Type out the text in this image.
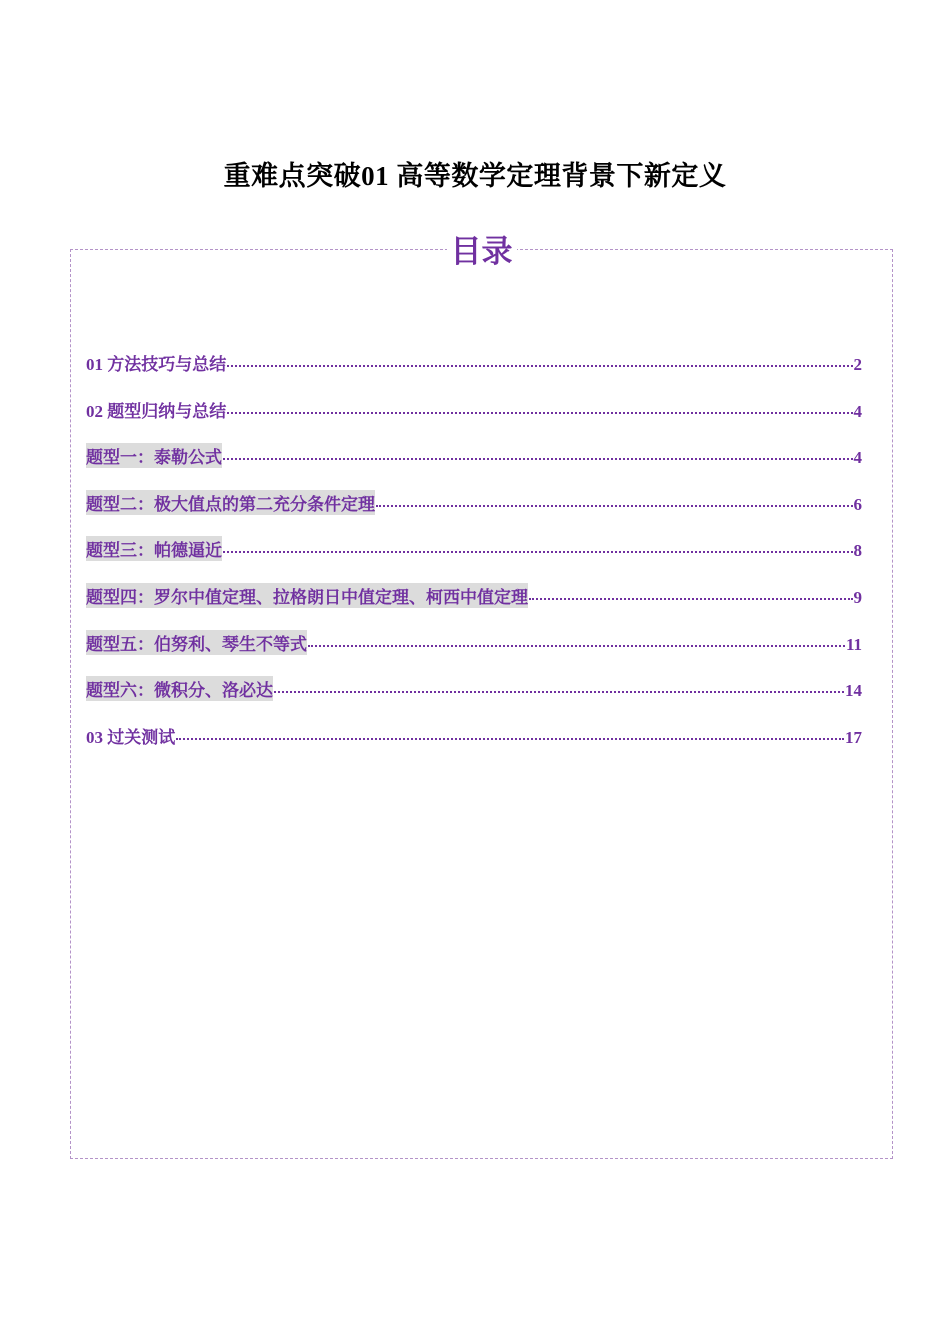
重难点突破01 高等数学定理背景下新定义
目录
01 方法技巧与总结	2
02 题型归纳与总结	4
题型一：泰勒公式	4
题型二：极大值点的第二充分条件定理	6
题型三：帕德逼近	8
题型四：罗尔中值定理、拉格朗日中值定理、柯西中值定理	9
题型五：伯努利、琴生不等式	11
题型六：微积分、洛必达	14
03 过关测试	17
